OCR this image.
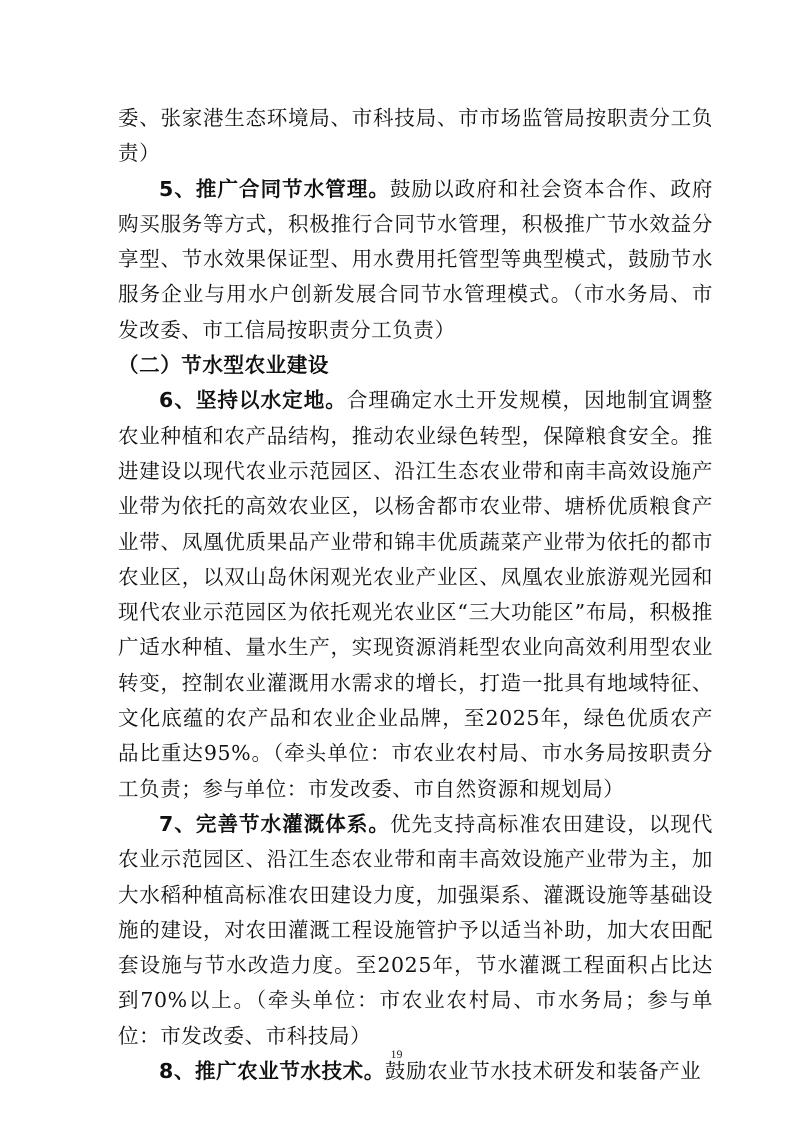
委、张家港生态环境局、市科技局、市市场监管局按职责分工负责）

5、推广合同节水管理。鼓励以政府和社会资本合作、政府购买服务等方式，积极推行合同节水管理，积极推广节水效益分享型、节水效果保证型、用水费用托管型等典型模式，鼓励节水服务企业与用水户创新发展合同节水管理模式。（市水务局、市发改委、市工信局按职责分工负责）

（二）节水型农业建设

6、坚持以水定地。合理确定水土开发规模，因地制宜调整农业种植和农产品结构，推动农业绿色转型，保障粮食安全。推进建设以现代农业示范园区、沿江生态农业带和南丰高效设施产业带为依托的高效农业区，以杨舍都市农业带、塘桥优质粮食产业带、凤凰优质果品产业带和锦丰优质蔬菜产业带为依托的都市农业区，以双山岛休闲观光农业产业区、凤凰农业旅游观光园和现代农业示范园区为依托观光农业区“三大功能区”布局，积极推广适水种植、量水生产，实现资源消耗型农业向高效利用型农业转变，控制农业灌溉用水需求的增长，打造一批具有地域特征、文化底蕴的农产品和农业企业品牌，至2025年，绿色优质农产品比重达95%。（牵头单位：市农业农村局、市水务局按职责分工负责；参与单位：市发改委、市自然资源和规划局）

7、完善节水灌溉体系。优先支持高标准农田建设，以现代农业示范园区、沿江生态农业带和南丰高效设施产业带为主，加大水稻种植高标准农田建设力度，加强渠系、灌溉设施等基础设施的建设，对农田灌溉工程设施管护予以适当补助，加大农田配套设施与节水改造力度。至2025年，节水灌溉工程面积占比达到70%以上。（牵头单位：市农业农村局、市水务局；参与单位：市发改委、市科技局）

8、推广农业节水技术。鼓励农业节水技术研发和装备产业

19
